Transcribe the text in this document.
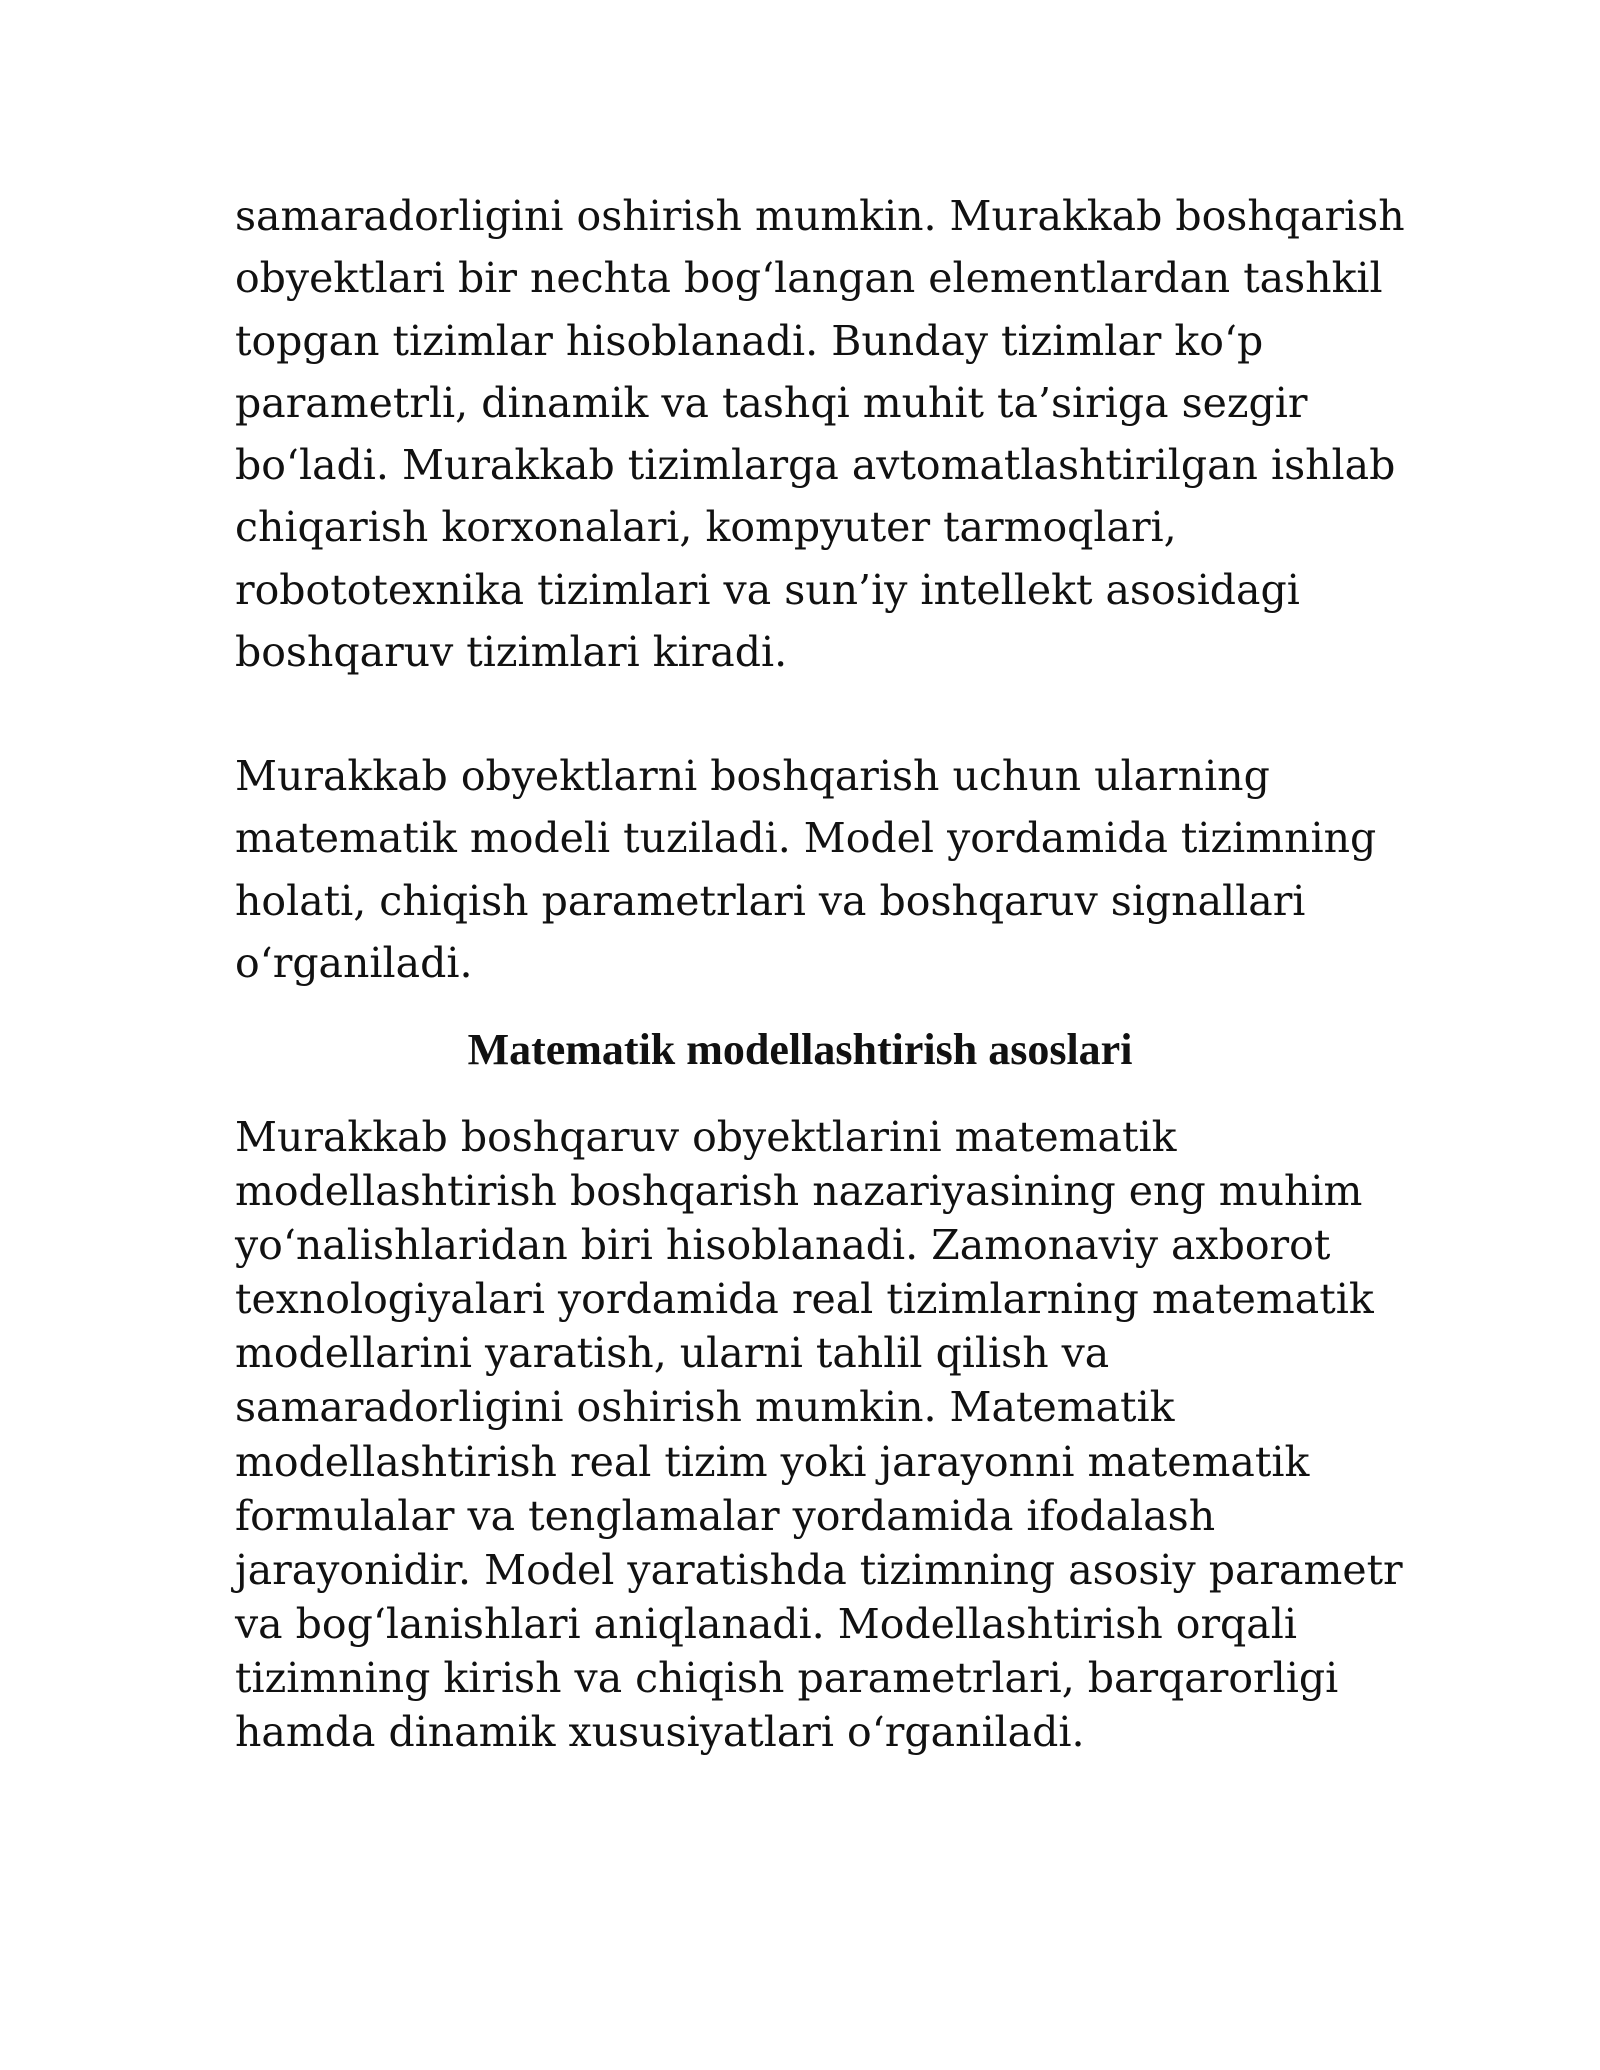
samaradorligini oshirish mumkin. Murakkab boshqarish
obyektlari bir nechta bog‘langan elementlardan tashkil
topgan tizimlar hisoblanadi. Bunday tizimlar ko‘p
parametrli, dinamik va tashqi muhit ta’siriga sezgir
bo‘ladi. Murakkab tizimlarga avtomatlashtirilgan ishlab
chiqarish korxonalari, kompyuter tarmoqlari,
robototexnika tizimlari va sun’iy intellekt asosidagi
boshqaruv tizimlari kiradi.

Murakkab obyektlarni boshqarish uchun ularning
matematik modeli tuziladi. Model yordamida tizimning
holati, chiqish parametrlari va boshqaruv signallari
o‘rganiladi.

Matematik modellashtirish asoslari

Murakkab boshqaruv obyektlarini matematik
modellashtirish boshqarish nazariyasining eng muhim
yo‘nalishlaridan biri hisoblanadi. Zamonaviy axborot
texnologiyalari yordamida real tizimlarning matematik
modellarini yaratish, ularni tahlil qilish va
samaradorligini oshirish mumkin. Matematik
modellashtirish real tizim yoki jarayonni matematik
formulalar va tenglamalar yordamida ifodalash
jarayonidir. Model yaratishda tizimning asosiy parametr
va bog‘lanishlari aniqlanadi. Modellashtirish orqali
tizimning kirish va chiqish parametrlari, barqarorligi
hamda dinamik xususiyatlari o‘rganiladi.
